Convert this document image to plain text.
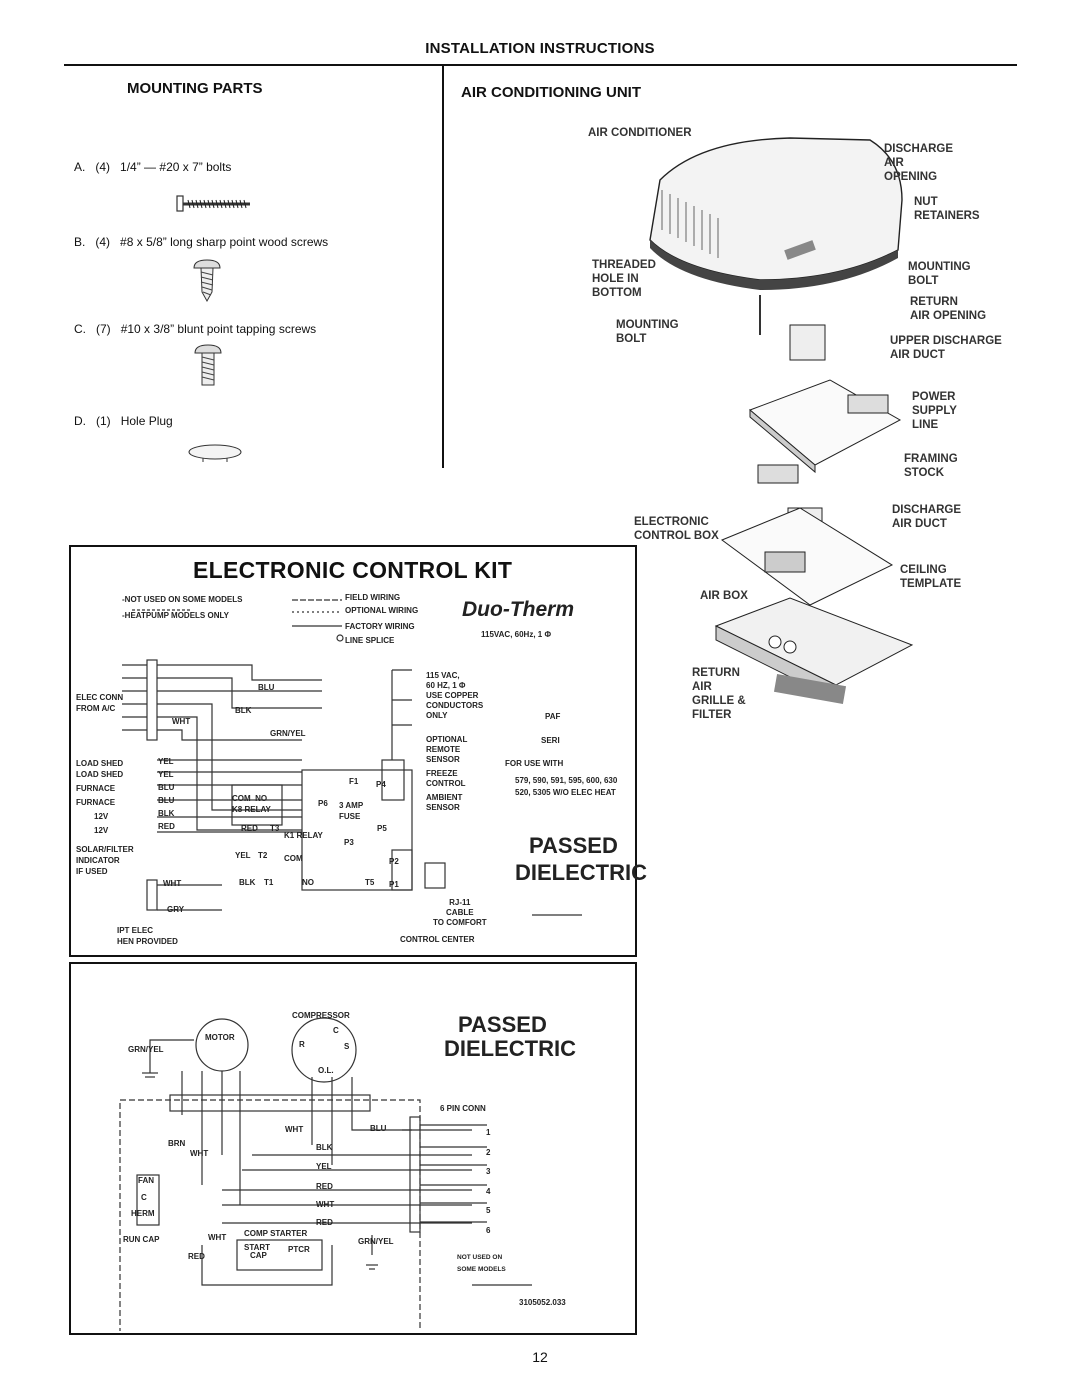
INSTALLATION INSTRUCTIONS
MOUNTING PARTS
A. (4) 1/4” — #20 x 7” bolts
B. (4) #8 x 5/8” long sharp point wood screws
C. (7) #10 x 3/8” blunt point tapping screws
D. (1) Hole Plug
AIR CONDITIONING UNIT
AIR CONDITIONER
DISCHARGE
AIR
OPENING
NUT
RETAINERS
THREADED
HOLE IN
BOTTOM
MOUNTING
BOLT
RETURN
AIR OPENING
MOUNTING
BOLT	UPPER DISCHARGE
AIR DUCT
POWER
SUPPLY
LINE
FRAMING
STOCK
ELECTRONIC
CONTROL BOX
DISCHARGE
AIR DUCT
CEILING
TEMPLATE
AIR BOX
RETURN
AIR
GRILLE &
FILTER
ELECTRONIC CONTROL KIT
-NOT USED ON SOME MODELS
-HEATPUMP MODELS ONLY
FIELD WIRING
OPTIONAL WIRING
FACTORY WIRING
LINE SPLICE
Duo-Therm
115VAC, 60Hz, 1 Φ
ELEC CONN
FROM A/C
LOAD SHED
LOAD SHED
FURNACE
FURNACE
12V
12V
SOLAR/FILTER
INDICATOR
IF USED
IPT ELEC
HEN PROVIDED
BLU
BLK
WHT
GRN/YEL
YEL
YEL
BLU
BLU
BLK
RED
WHT
GRY
RED
YEL
BLK
115 VAC,
60 HZ, 1 Φ
USE COPPER
CONDUCTORS
ONLY
OPTIONAL
REMOTE
SENSOR
FREEZE
CONTROL
AMBIENT
SENSOR
RJ-11
CABLE
TO COMFORT
CONTROL CENTER
COM NO
K8 RELAY
K1 RELAY
COM
NO
F1
3 AMP
FUSE
P1
P2
P3
P4
P5
P6
T1
T2
T3
T5
PAF
SERI
FOR USE WITH
579, 590, 591, 595, 600, 630
520, 5305 W/O ELEC HEAT
PASSED
DIELECTRIC
COMPRESSOR
MOTOR
GRN/YEL
C
R	S
O.L.
6 PIN CONN
WHT	BLU
BRN	BLK
WHT
YEL
FAN
C
HERM
RED
WHT
RED
RUN CAP
COMP STARTER
WHT
START
CAP
PTCR
RED
GRN/YEL
NOT USED ON
SOME MODELS
3105052.033
1
2
3
4
5
6
PASSED
DIELECTRIC
12
